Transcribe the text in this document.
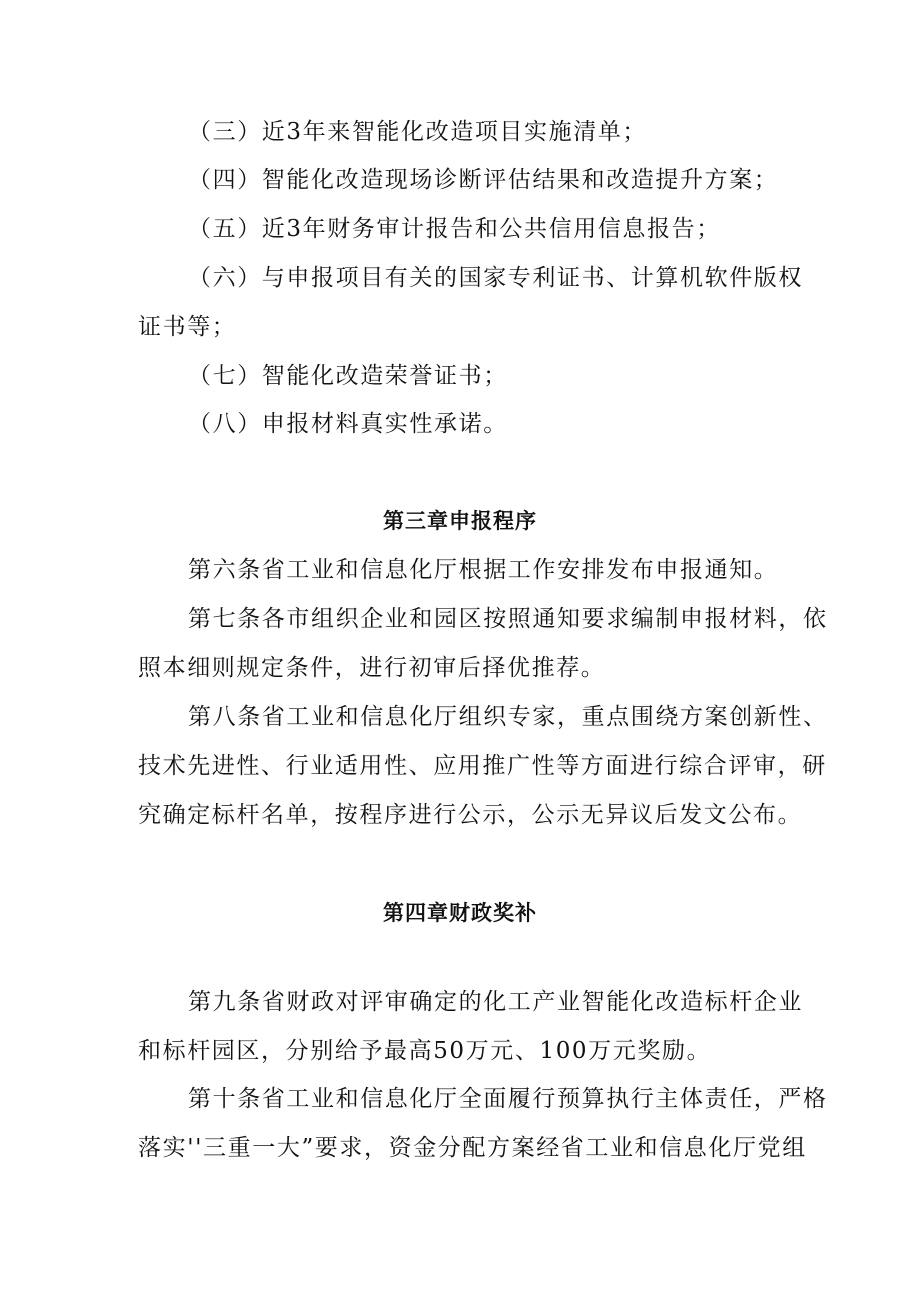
（三）近3年来智能化改造项目实施清单；
（四）智能化改造现场诊断评估结果和改造提升方案；
（五）近3年财务审计报告和公共信用信息报告；
（六）与申报项目有关的国家专利证书、计算机软件版权
证书等；
（七）智能化改造荣誉证书；
（八）申报材料真实性承诺。
第三章申报程序
第六条省工业和信息化厅根据工作安排发布申报通知。
第七条各市组织企业和园区按照通知要求编制申报材料，依
照本细则规定条件，进行初审后择优推荐。
第八条省工业和信息化厅组织专家，重点围绕方案创新性、
技术先进性、行业适用性、应用推广性等方面进行综合评审，研
究确定标杆名单，按程序进行公示，公示无异议后发文公布。
第四章财政奖补
第九条省财政对评审确定的化工产业智能化改造标杆企业
和标杆园区，分别给予最高50万元、100万元奖励。
第十条省工业和信息化厅全面履行预算执行主体责任，严格
落实''三重一大”要求，资金分配方案经省工业和信息化厅党组
